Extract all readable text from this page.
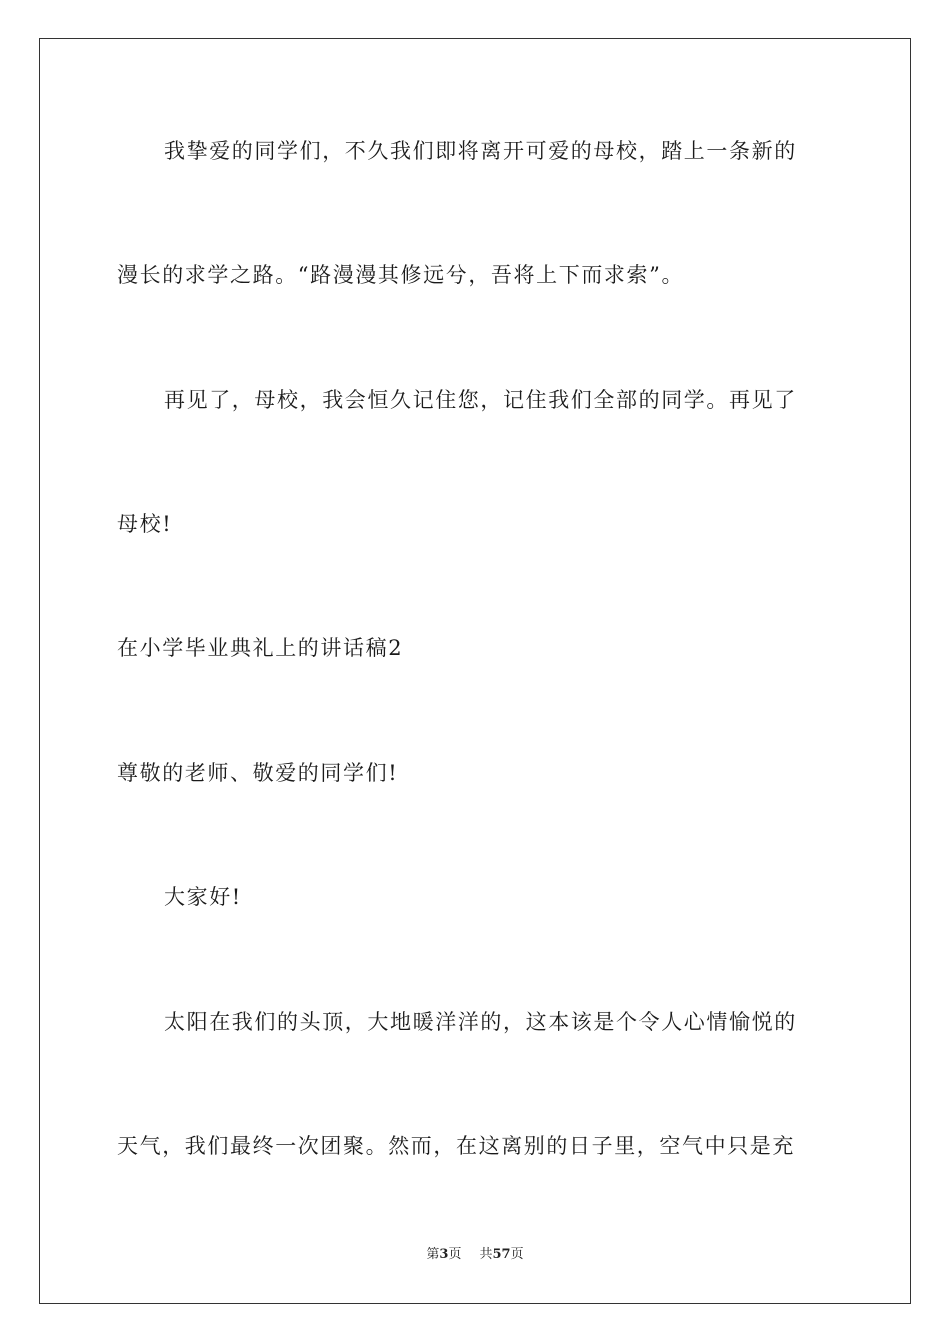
我挚爱的同学们，不久我们即将离开可爱的母校，踏上一条新的
漫长的求学之路。“路漫漫其修远兮，吾将上下而求索”。
再见了，母校，我会恒久记住您，记住我们全部的同学。再见了
母校!
在小学毕业典礼上的讲话稿2
尊敬的老师、敬爱的同学们!
大家好!
太阳在我们的头顶，大地暖洋洋的，这本该是个令人心情愉悦的
天气，我们最终一次团聚。然而，在这离别的日子里，空气中只是充
第3页 共57页
